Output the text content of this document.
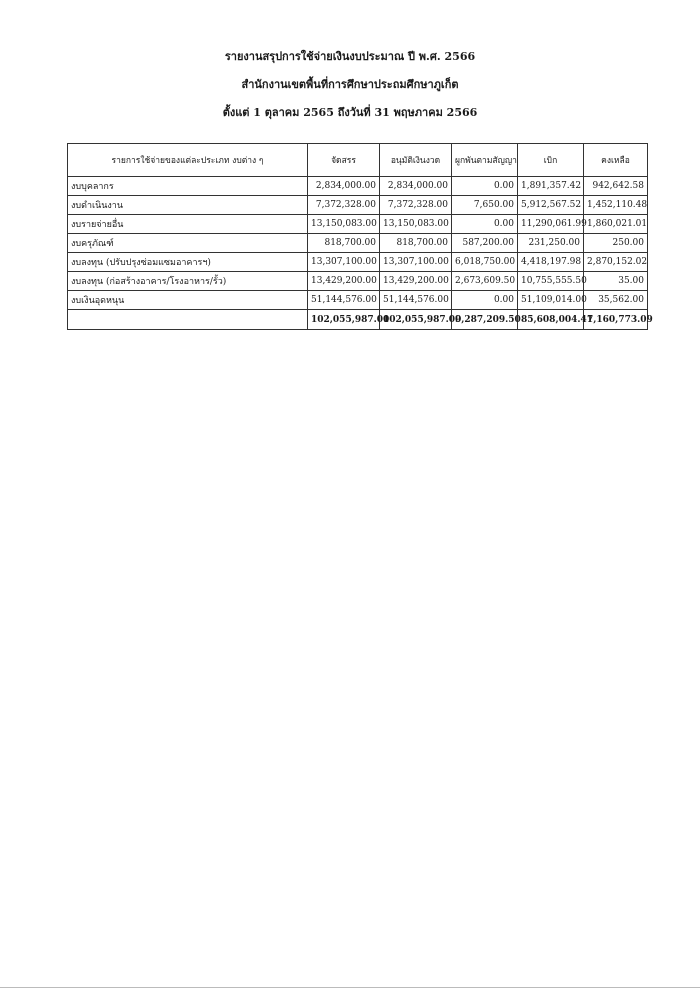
รายงานสรุปการใช้จ่ายเงินงบประมาณ ปี พ.ศ. 2566
สำนักงานเขตพื้นที่การศึกษาประถมศึกษาภูเก็ต
ตั้งแต่ 1 ตุลาคม 2565 ถึงวันที่ 31 พฤษภาคม 2566
รายการใช้จ่ายของแต่ละประเภท งบต่าง ๆ	จัดสรร	อนุมัติเงินงวด	ผูกพันตามสัญญา	เบิก	คงเหลือ
งบบุคลากร	2,834,000.00	2,834,000.00	0.00	1,891,357.42	942,642.58
งบดำเนินงาน	7,372,328.00	7,372,328.00	7,650.00	5,912,567.52	1,452,110.48
งบรายจ่ายอื่น	13,150,083.00	13,150,083.00	0.00	11,290,061.99	1,860,021.01
งบครุภัณฑ์	818,700.00	818,700.00	587,200.00	231,250.00	250.00
งบลงทุน (ปรับปรุงซ่อมแซมอาคารฯ)	13,307,100.00	13,307,100.00	6,018,750.00	4,418,197.98	2,870,152.02
งบลงทุน (ก่อสร้างอาคาร/โรงอาหาร/รั้ว)	13,429,200.00	13,429,200.00	2,673,609.50	10,755,555.50	35.00
งบเงินอุดหนุน	51,144,576.00	51,144,576.00	0.00	51,109,014.00	35,562.00
	102,055,987.00	102,055,987.00	9,287,209.50	85,608,004.41	7,160,773.09
